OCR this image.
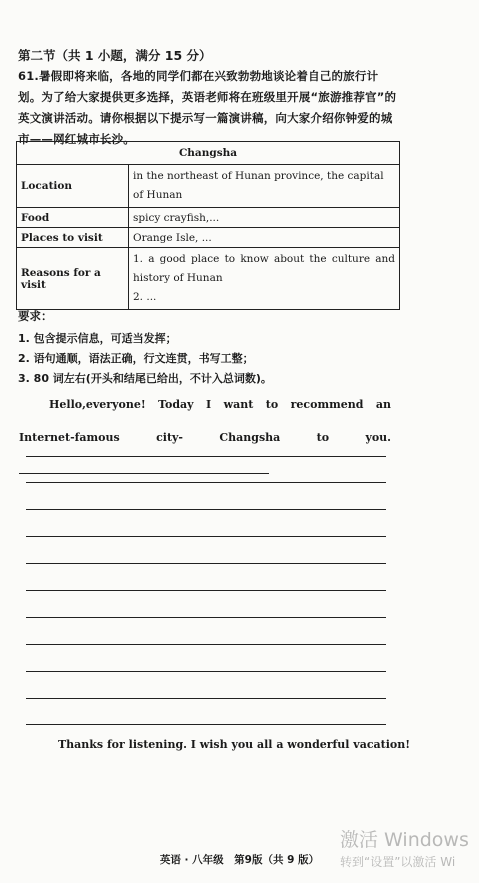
第二节（共 1 小题，满分 15 分）
61.暑假即将来临，各地的同学们都在兴致勃勃地谈论着自己的旅行计划。为了给大家提供更多选择，英语老师将在班级里开展“旅游推荐官”的英文演讲活动。请你根据以下提示写一篇演讲稿，向大家介绍你钟爱的城市——网红城市长沙。
Changsha	
Location	in the northeast of Hunan province, the capital of Hunan
Food	spicy crayfish,...
Places to visit	Orange Isle, ...
Reasons for a visit	1. a good place to know about the culture and history of Hunan
2. ...
要求：
1. 包含提示信息，可适当发挥；
2. 语句通顺，语法正确，行文连贯，书写工整；
3. 80 词左右(开头和结尾已给出，不计入总词数)。
Hello,everyone! Today I want to recommend an Internet-famous city- Changsha to you.
Thanks for listening. I wish you all a wonderful vacation!
激活 Windows
转到“设置”以激活 Wi
英语 · 八年级　第9版（共 9 版）
